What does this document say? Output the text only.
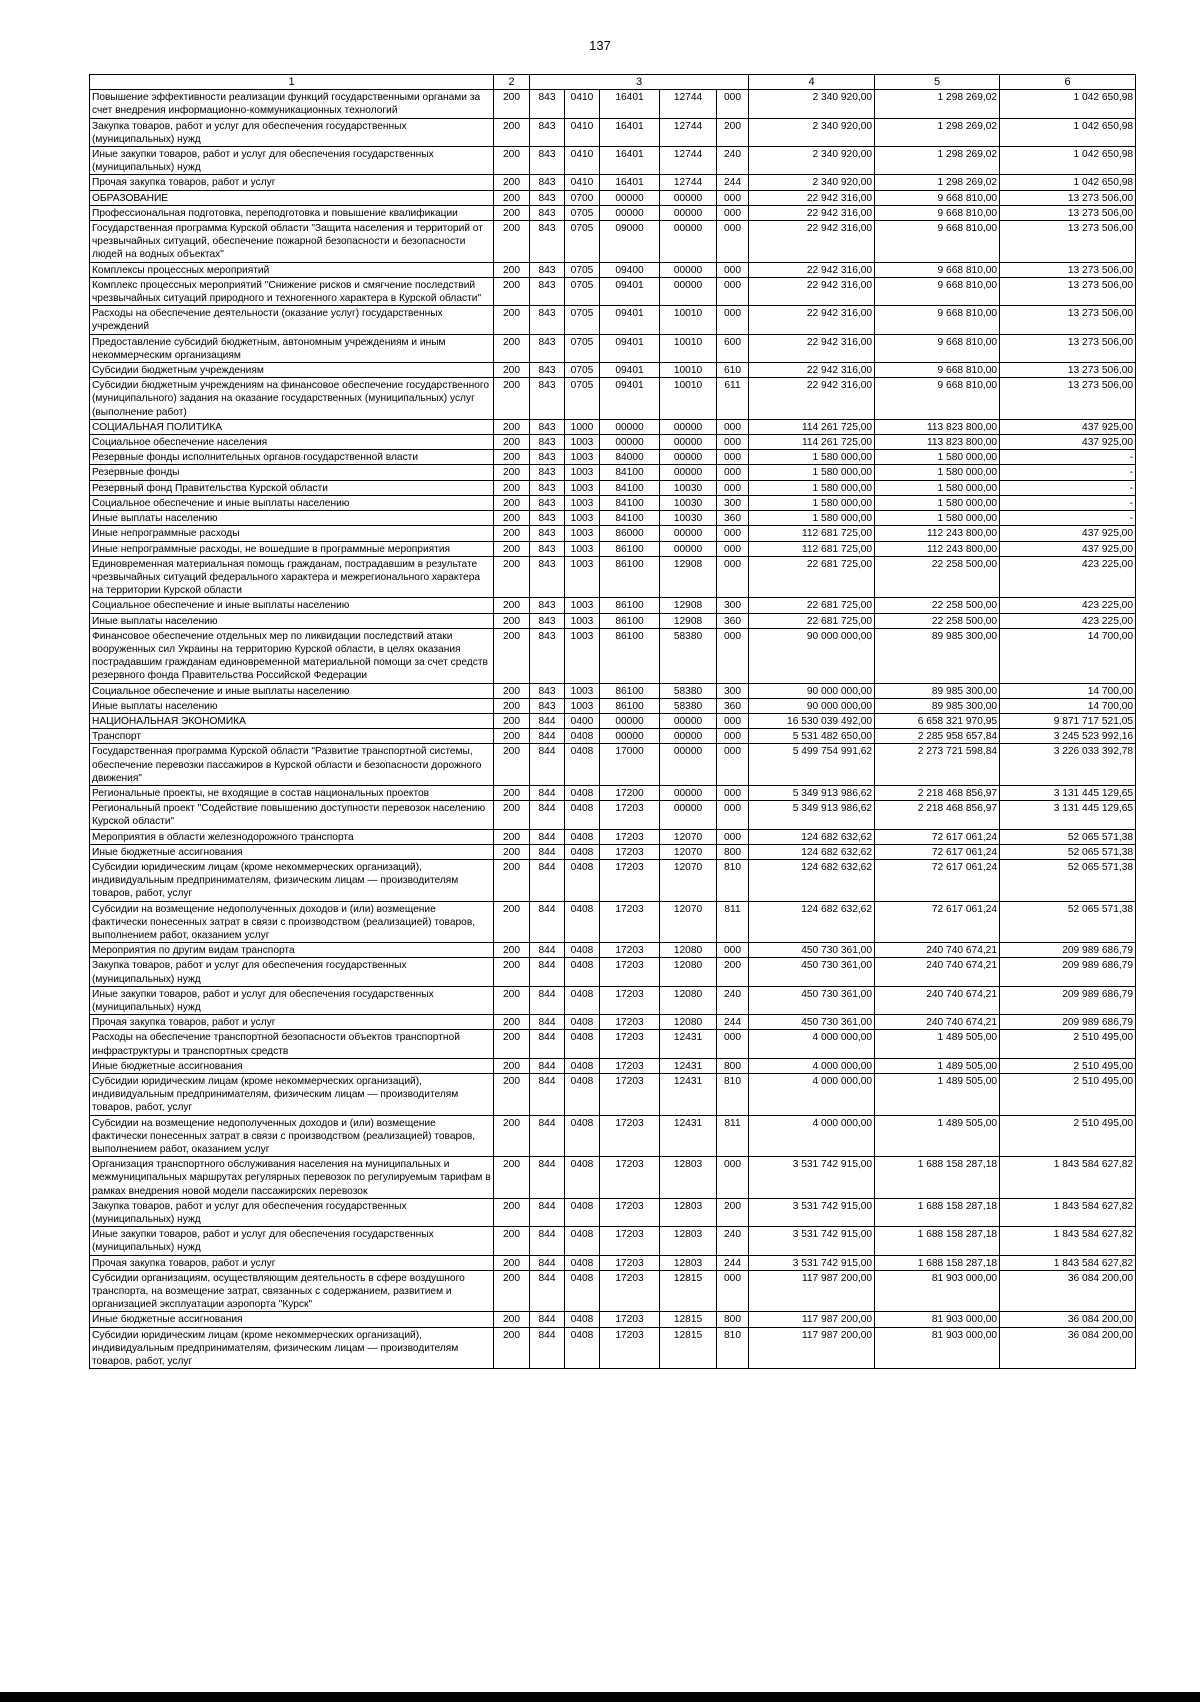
137
1	2	3					4	5	6
Повышение эффективности реализации функций государственными органами за счет внедрения информационно-коммуникационных технологий	200	843	0410	16401	12744	000	2 340 920,00	1 298 269,02	1 042 650,98
Закупка товаров, работ и услуг для обеспечения государственных (муниципальных) нужд	200	843	0410	16401	12744	200	2 340 920,00	1 298 269,02	1 042 650,98
Иные закупки товаров, работ и услуг для обеспечения государственных (муниципальных) нужд	200	843	0410	16401	12744	240	2 340 920,00	1 298 269,02	1 042 650,98
Прочая закупка товаров, работ и услуг	200	843	0410	16401	12744	244	2 340 920,00	1 298 269,02	1 042 650,98
ОБРАЗОВАНИЕ	200	843	0700	00000	00000	000	22 942 316,00	9 668 810,00	13 273 506,00
Профессиональная подготовка, переподготовка и повышение квалификации	200	843	0705	00000	00000	000	22 942 316,00	9 668 810,00	13 273 506,00
Государственная программа Курской области "Защита населения и территорий от чрезвычайных ситуаций, обеспечение пожарной безопасности и безопасности людей на водных объектах"	200	843	0705	09000	00000	000	22 942 316,00	9 668 810,00	13 273 506,00
Комплексы процессных мероприятий	200	843	0705	09400	00000	000	22 942 316,00	9 668 810,00	13 273 506,00
Комплекс процессных мероприятий "Снижение рисков и смягчение последствий чрезвычайных ситуаций природного и техногенного характера в Курской области"	200	843	0705	09401	00000	000	22 942 316,00	9 668 810,00	13 273 506,00
Расходы на обеспечение деятельности (оказание услуг) государственных учреждений	200	843	0705	09401	10010	000	22 942 316,00	9 668 810,00	13 273 506,00
Предоставление субсидий бюджетным, автономным учреждениям и иным некоммерческим организациям	200	843	0705	09401	10010	600	22 942 316,00	9 668 810,00	13 273 506,00
Субсидии бюджетным учреждениям	200	843	0705	09401	10010	610	22 942 316,00	9 668 810,00	13 273 506,00
Субсидии бюджетным учреждениям на финансовое обеспечение государственного (муниципального) задания на оказание государственных (муниципальных) услуг (выполнение работ)	200	843	0705	09401	10010	611	22 942 316,00	9 668 810,00	13 273 506,00
СОЦИАЛЬНАЯ ПОЛИТИКА	200	843	1000	00000	00000	000	114 261 725,00	113 823 800,00	437 925,00
Социальное обеспечение населения	200	843	1003	00000	00000	000	114 261 725,00	113 823 800,00	437 925,00
Резервные фонды исполнительных органов государственной власти	200	843	1003	84000	00000	000	1 580 000,00	1 580 000,00	-
Резервные фонды	200	843	1003	84100	00000	000	1 580 000,00	1 580 000,00	-
Резервный фонд Правительства Курской области	200	843	1003	84100	10030	000	1 580 000,00	1 580 000,00	-
Социальное обеспечение и иные выплаты населению	200	843	1003	84100	10030	300	1 580 000,00	1 580 000,00	-
Иные выплаты населению	200	843	1003	84100	10030	360	1 580 000,00	1 580 000,00	-
Иные непрограммные расходы	200	843	1003	86000	00000	000	112 681 725,00	112 243 800,00	437 925,00
Иные непрограммные расходы, не вошедшие в программные мероприятия	200	843	1003	86100	00000	000	112 681 725,00	112 243 800,00	437 925,00
Единовременная материальная помощь гражданам, пострадавшим в результате чрезвычайных ситуаций федерального характера и межрегионального характера на территории Курской области	200	843	1003	86100	12908	000	22 681 725,00	22 258 500,00	423 225,00
Социальное обеспечение и иные выплаты населению	200	843	1003	86100	12908	300	22 681 725,00	22 258 500,00	423 225,00
Иные выплаты населению	200	843	1003	86100	12908	360	22 681 725,00	22 258 500,00	423 225,00
Финансовое обеспечение отдельных мер по ликвидации последствий атаки вооруженных сил Украины на территорию Курской области, в целях оказания пострадавшим гражданам единовременной материальной помощи за счет средств резервного фонда Правительства Российской Федерации	200	843	1003	86100	58380	000	90 000 000,00	89 985 300,00	14 700,00
Социальное обеспечение и иные выплаты населению	200	843	1003	86100	58380	300	90 000 000,00	89 985 300,00	14 700,00
Иные выплаты населению	200	843	1003	86100	58380	360	90 000 000,00	89 985 300,00	14 700,00
НАЦИОНАЛЬНАЯ ЭКОНОМИКА	200	844	0400	00000	00000	000	16 530 039 492,00	6 658 321 970,95	9 871 717 521,05
Транспорт	200	844	0408	00000	00000	000	5 531 482 650,00	2 285 958 657,84	3 245 523 992,16
Государственная программа Курской области "Развитие транспортной системы, обеспечение перевозки пассажиров в Курской области и безопасности дорожного движения"	200	844	0408	17000	00000	000	5 499 754 991,62	2 273 721 598,84	3 226 033 392,78
Региональные проекты, не входящие в состав национальных проектов	200	844	0408	17200	00000	000	5 349 913 986,62	2 218 468 856,97	3 131 445 129,65
Региональный проект "Содействие повышению доступности перевозок населению Курской области"	200	844	0408	17203	00000	000	5 349 913 986,62	2 218 468 856,97	3 131 445 129,65
Мероприятия в области железнодорожного транспорта	200	844	0408	17203	12070	000	124 682 632,62	72 617 061,24	52 065 571,38
Иные бюджетные ассигнования	200	844	0408	17203	12070	800	124 682 632,62	72 617 061,24	52 065 571,38
Субсидии юридическим лицам (кроме некоммерческих организаций), индивидуальным предпринимателям, физическим лицам — производителям товаров, работ, услуг	200	844	0408	17203	12070	810	124 682 632,62	72 617 061,24	52 065 571,38
Субсидии на возмещение недополученных доходов и (или) возмещение фактически понесенных затрат в связи с производством (реализацией) товаров, выполнением работ, оказанием услуг	200	844	0408	17203	12070	811	124 682 632,62	72 617 061,24	52 065 571,38
Мероприятия по другим видам транспорта	200	844	0408	17203	12080	000	450 730 361,00	240 740 674,21	209 989 686,79
Закупка товаров, работ и услуг для обеспечения государственных (муниципальных) нужд	200	844	0408	17203	12080	200	450 730 361,00	240 740 674,21	209 989 686,79
Иные закупки товаров, работ и услуг для обеспечения государственных (муниципальных) нужд	200	844	0408	17203	12080	240	450 730 361,00	240 740 674,21	209 989 686,79
Прочая закупка товаров, работ и услуг	200	844	0408	17203	12080	244	450 730 361,00	240 740 674,21	209 989 686,79
Расходы на обеспечение транспортной безопасности объектов транспортной инфраструктуры и транспортных средств	200	844	0408	17203	12431	000	4 000 000,00	1 489 505,00	2 510 495,00
Иные бюджетные ассигнования	200	844	0408	17203	12431	800	4 000 000,00	1 489 505,00	2 510 495,00
Субсидии юридическим лицам (кроме некоммерческих организаций), индивидуальным предпринимателям, физическим лицам — производителям товаров, работ, услуг	200	844	0408	17203	12431	810	4 000 000,00	1 489 505,00	2 510 495,00
Субсидии на возмещение недополученных доходов и (или) возмещение фактически понесенных затрат в связи с производством (реализацией) товаров, выполнением работ, оказанием услуг	200	844	0408	17203	12431	811	4 000 000,00	1 489 505,00	2 510 495,00
Организация транспортного обслуживания населения на муниципальных и межмуниципальных маршрутах регулярных перевозок по регулируемым тарифам в рамках внедрения новой модели пассажирских перевозок	200	844	0408	17203	12803	000	3 531 742 915,00	1 688 158 287,18	1 843 584 627,82
Закупка товаров, работ и услуг для обеспечения государственных (муниципальных) нужд	200	844	0408	17203	12803	200	3 531 742 915,00	1 688 158 287,18	1 843 584 627,82
Иные закупки товаров, работ и услуг для обеспечения государственных (муниципальных) нужд	200	844	0408	17203	12803	240	3 531 742 915,00	1 688 158 287,18	1 843 584 627,82
Прочая закупка товаров, работ и услуг	200	844	0408	17203	12803	244	3 531 742 915,00	1 688 158 287,18	1 843 584 627,82
Субсидии организациям, осуществляющим деятельность в сфере воздушного транспорта, на возмещение затрат, связанных с содержанием, развитием и организацией эксплуатации аэропорта "Курск"	200	844	0408	17203	12815	000	117 987 200,00	81 903 000,00	36 084 200,00
Иные бюджетные ассигнования	200	844	0408	17203	12815	800	117 987 200,00	81 903 000,00	36 084 200,00
Субсидии юридическим лицам (кроме некоммерческих организаций), индивидуальным предпринимателям, физическим лицам — производителям товаров, работ, услуг	200	844	0408	17203	12815	810	117 987 200,00	81 903 000,00	36 084 200,00
